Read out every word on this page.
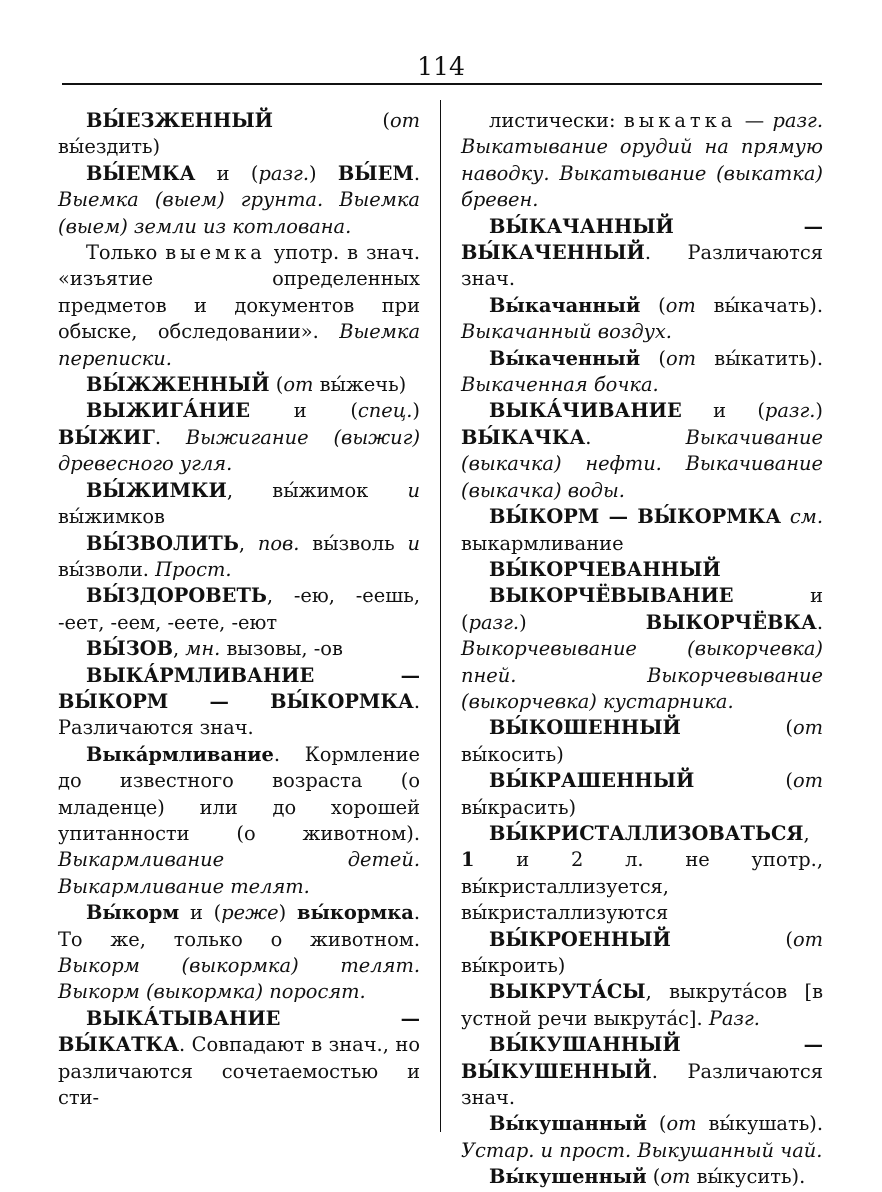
114

ВЫ́ЕЗЖЕННЫЙ (от вы́ездить)

ВЫ́ЕМКА и (разг.) ВЫ́ЕМ. Выемка (выем) грунта. Выемка (выем) земли из котлована.

Только выемка употр. в знач. «изъятие определенных предметов и документов при обыске, обследовании». Выемка переписки.

ВЫ́ЖЖЕННЫЙ (от вы́жечь)

ВЫЖИГА́НИЕ и (спец.) ВЫ́ЖИГ. Выжигание (выжиг) древесного угля.

ВЫ́ЖИМКИ, вы́жимок и вы́жимков

ВЫ́ЗВОЛИТЬ, пов. вы́зволь и вы́зволи. Прост.

ВЫ́ЗДОРОВЕТЬ, -ею, -еешь, -еет, -еем, -еете, -еют

ВЫ́ЗОВ, мн. вызовы, -ов

ВЫКА́РМЛИВАНИЕ — ВЫ́КОРМ — ВЫ́КОРМКА. Различаются знач.

Выка́рмливание. Кормление до известного возраста (о младенце) или до хорошей упитанности (о животном). Выкармливание детей. Выкармливание телят.

Вы́корм и (реже) вы́кормка. То же, только о животном. Выкорм (выкормка) телят. Выкорм (выкормка) поросят.

ВЫКА́ТЫВАНИЕ — ВЫ́КАТКА. Совпадают в знач., но различаются сочетаемостью и сти-

листически: выкатка — разг. Выкатывание орудий на прямую наводку. Выкатывание (выкатка) бревен.

ВЫ́КАЧАННЫЙ — ВЫ́КАЧЕННЫЙ. Различаются знач.

Вы́качанный (от вы́качать). Выкачанный воздух.

Вы́каченный (от вы́катить). Выкаченная бочка.

ВЫКА́ЧИВАНИЕ и (разг.) ВЫ́КАЧКА. Выкачивание (выкачка) нефти. Выкачивание (выкачка) воды.

ВЫ́КОРМ — ВЫ́КОРМКА см. выкармливание

ВЫ́КОРЧЕВАННЫЙ

ВЫКОРЧЁВЫВАНИЕ и (разг.) ВЫКОРЧЁВКА. Выкорчевывание (выкорчевка) пней. Выкорчевывание (выкорчевка) кустарника.

ВЫ́КОШЕННЫЙ (от вы́косить)

ВЫ́КРАШЕННЫЙ (от вы́красить)

ВЫ́КРИСТАЛЛИЗОВАТЬСЯ, 1 и 2 л. не употр., вы́кристаллизуется, вы́кристаллизуются

ВЫ́КРОЕННЫЙ (от вы́кроить)

ВЫКРУТА́СЫ, выкрута́сов [в устной речи выкрута́с]. Разг.

ВЫ́КУШАННЫЙ — ВЫ́КУШЕННЫЙ. Различаются знач.

Вы́кушанный (от вы́кушать). Устар. и прост. Выкушанный чай.

Вы́кушенный (от вы́кусить).
